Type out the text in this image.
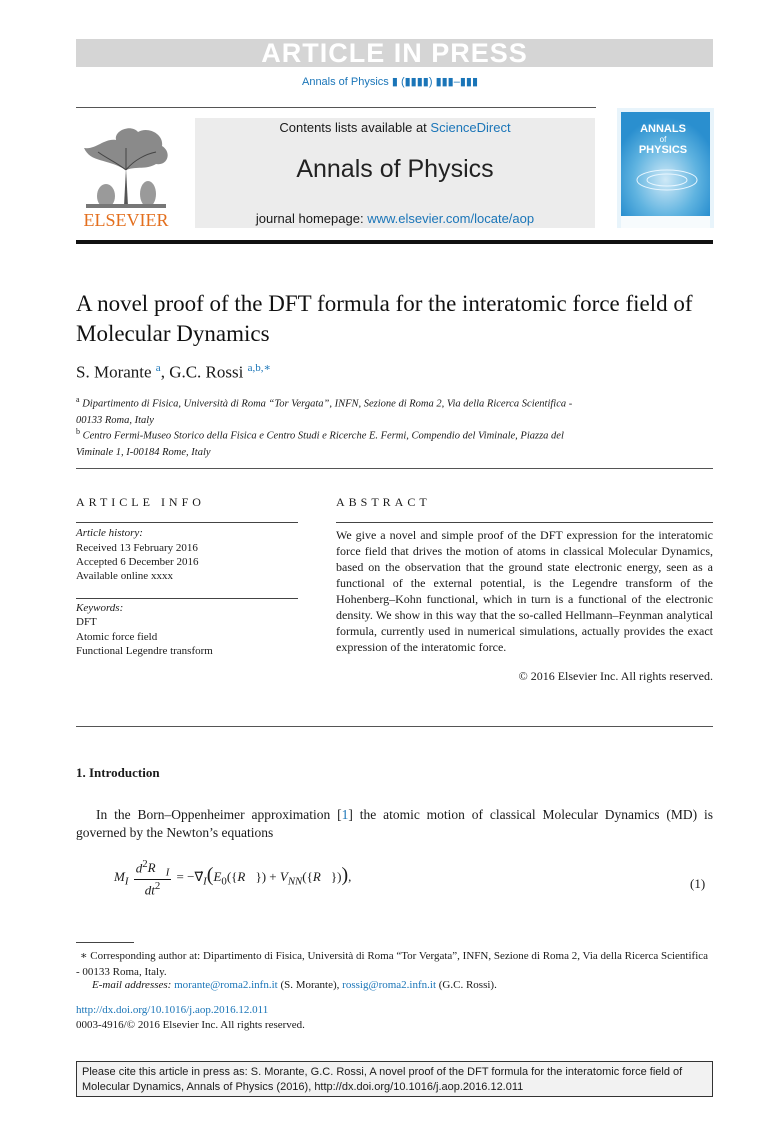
ARTICLE IN PRESS
Annals of Physics ▮ (▮▮▮▮) ▮▮▮–▮▮▮
ELSEVIER
Contents lists available at ScienceDirect
Annals of Physics
journal homepage: www.elsevier.com/locate/aop
ANNALS
of
PHYSICS
A novel proof of the DFT formula for the interatomic force field of Molecular Dynamics
S. Morante $^a$, G.C. Rossi $^{a,b,∗}$
$^a$ Dipartimento di Fisica, Università di Roma “Tor Vergata”, INFN, Sezione di Roma 2, Via della Ricerca Scientifica - 00133 Roma, Italy
$^b$ Centro Fermi-Museo Storico della Fisica e Centro Studi e Ricerche E. Fermi, Compendio del Viminale, Piazza del Viminale 1, I-00184 Rome, Italy
ARTICLE INFO
Article history:
Received 13 February 2016
Accepted 6 December 2016
Available online xxxx
Keywords:
DFT
Atomic force field
Functional Legendre transform
ABSTRACT
We give a novel and simple proof of the DFT expression for the interatomic force field that drives the motion of atoms in classical Molecular Dynamics, based on the observation that the ground state electronic energy, seen as a functional of the external potential, is the Legendre transform of the Hohenberg–Kohn functional, which in turn is a functional of the electronic density. We show in this way that the so-called Hellmann–Feynman analytical formula, currently used in numerical simulations, actually provides the exact expression of the interatomic force.
© 2016 Elsevier Inc. All rights reserved.
1. Introduction
In the Born–Oppenheimer approximation [1] the atomic motion of classical Molecular Dynamics (MD) is governed by the Newton’s equations
$M_I \frac{d^2R⃗_I}{dt^2}$ = $-\nabla⃗_I(E_0(\{R⃗\})$ + $V_{NN}(\{R⃗\})$),	(1)
∗ Corresponding author at: Dipartimento di Fisica, Università di Roma “Tor Vergata”, INFN, Sezione di Roma 2, Via della Ricerca Scientifica - 00133 Roma, Italy.
E-mail addresses: morante@roma2.infn.it (S. Morante), rossig@roma2.infn.it (G.C. Rossi).
http://dx.doi.org/10.1016/j.aop.2016.12.011
0003-4916/© 2016 Elsevier Inc. All rights reserved.
Please cite this article in press as: S. Morante, G.C. Rossi, A novel proof of the DFT formula for the interatomic force field of Molecular Dynamics, Annals of Physics (2016), http://dx.doi.org/10.1016/j.aop.2016.12.011
